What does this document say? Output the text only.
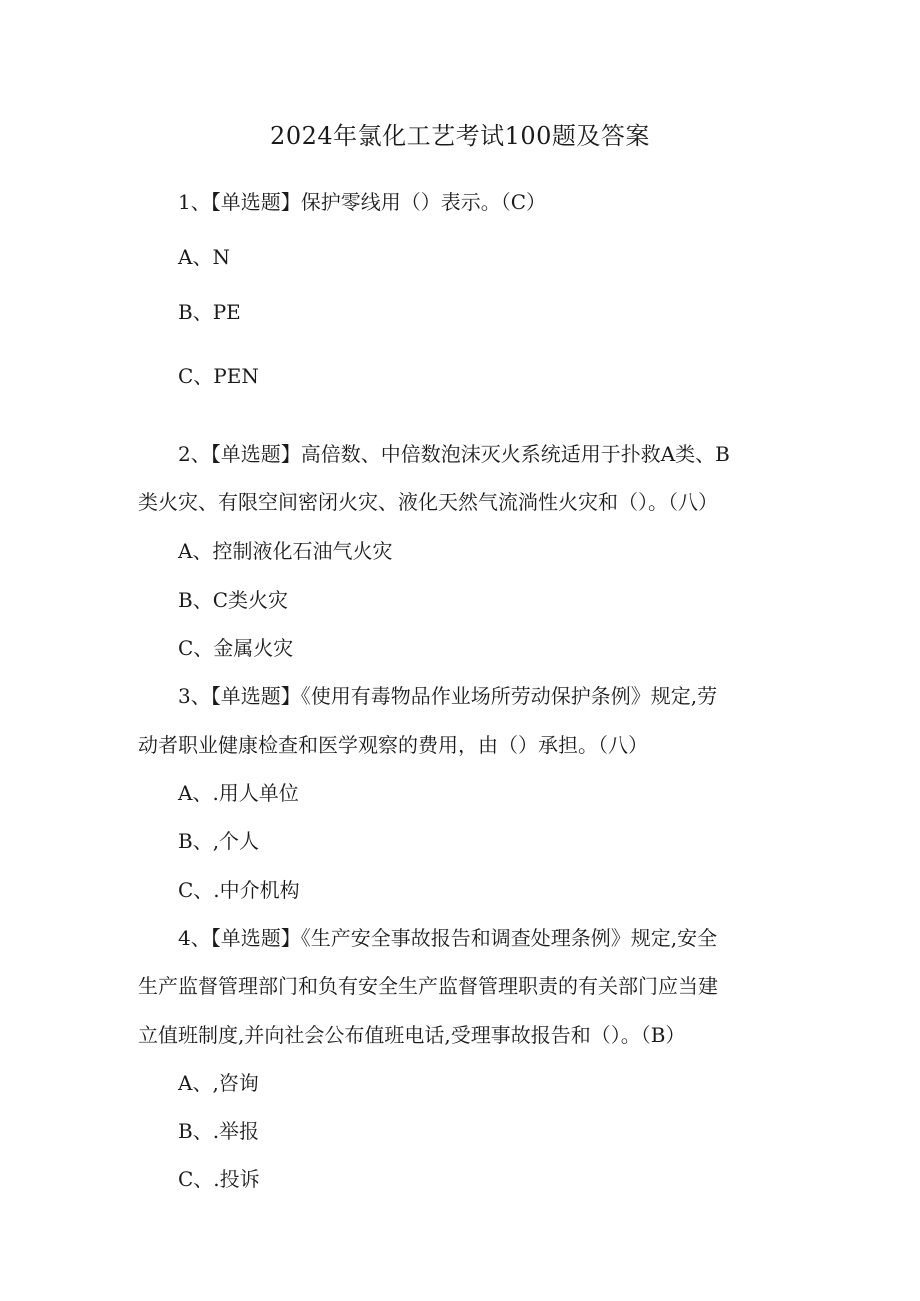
2024年氯化工艺考试100题及答案
1、【单选题】保护零线用（）表示。（C）
A、N
B、PE
C、PEN
2、【单选题】高倍数、中倍数泡沫灭火系统适用于扑救A类、B
类火灾、有限空间密闭火灾、液化天然气流淌性火灾和（）。（八）
A、控制液化石油气火灾
B、C类火灾
C、金属火灾
3、【单选题】《使用有毒物品作业场所劳动保护条例》规定,劳
动者职业健康检查和医学观察的费用，由（）承担。（八）
A、.用人单位
B、,个人
C、.中介机构
4、【单选题】《生产安全事故报告和调查处理条例》规定,安全
生产监督管理部门和负有安全生产监督管理职责的有关部门应当建
立值班制度,并向社会公布值班电话,受理事故报告和（）。（B）
A、,咨询
B、.举报
C、.投诉
